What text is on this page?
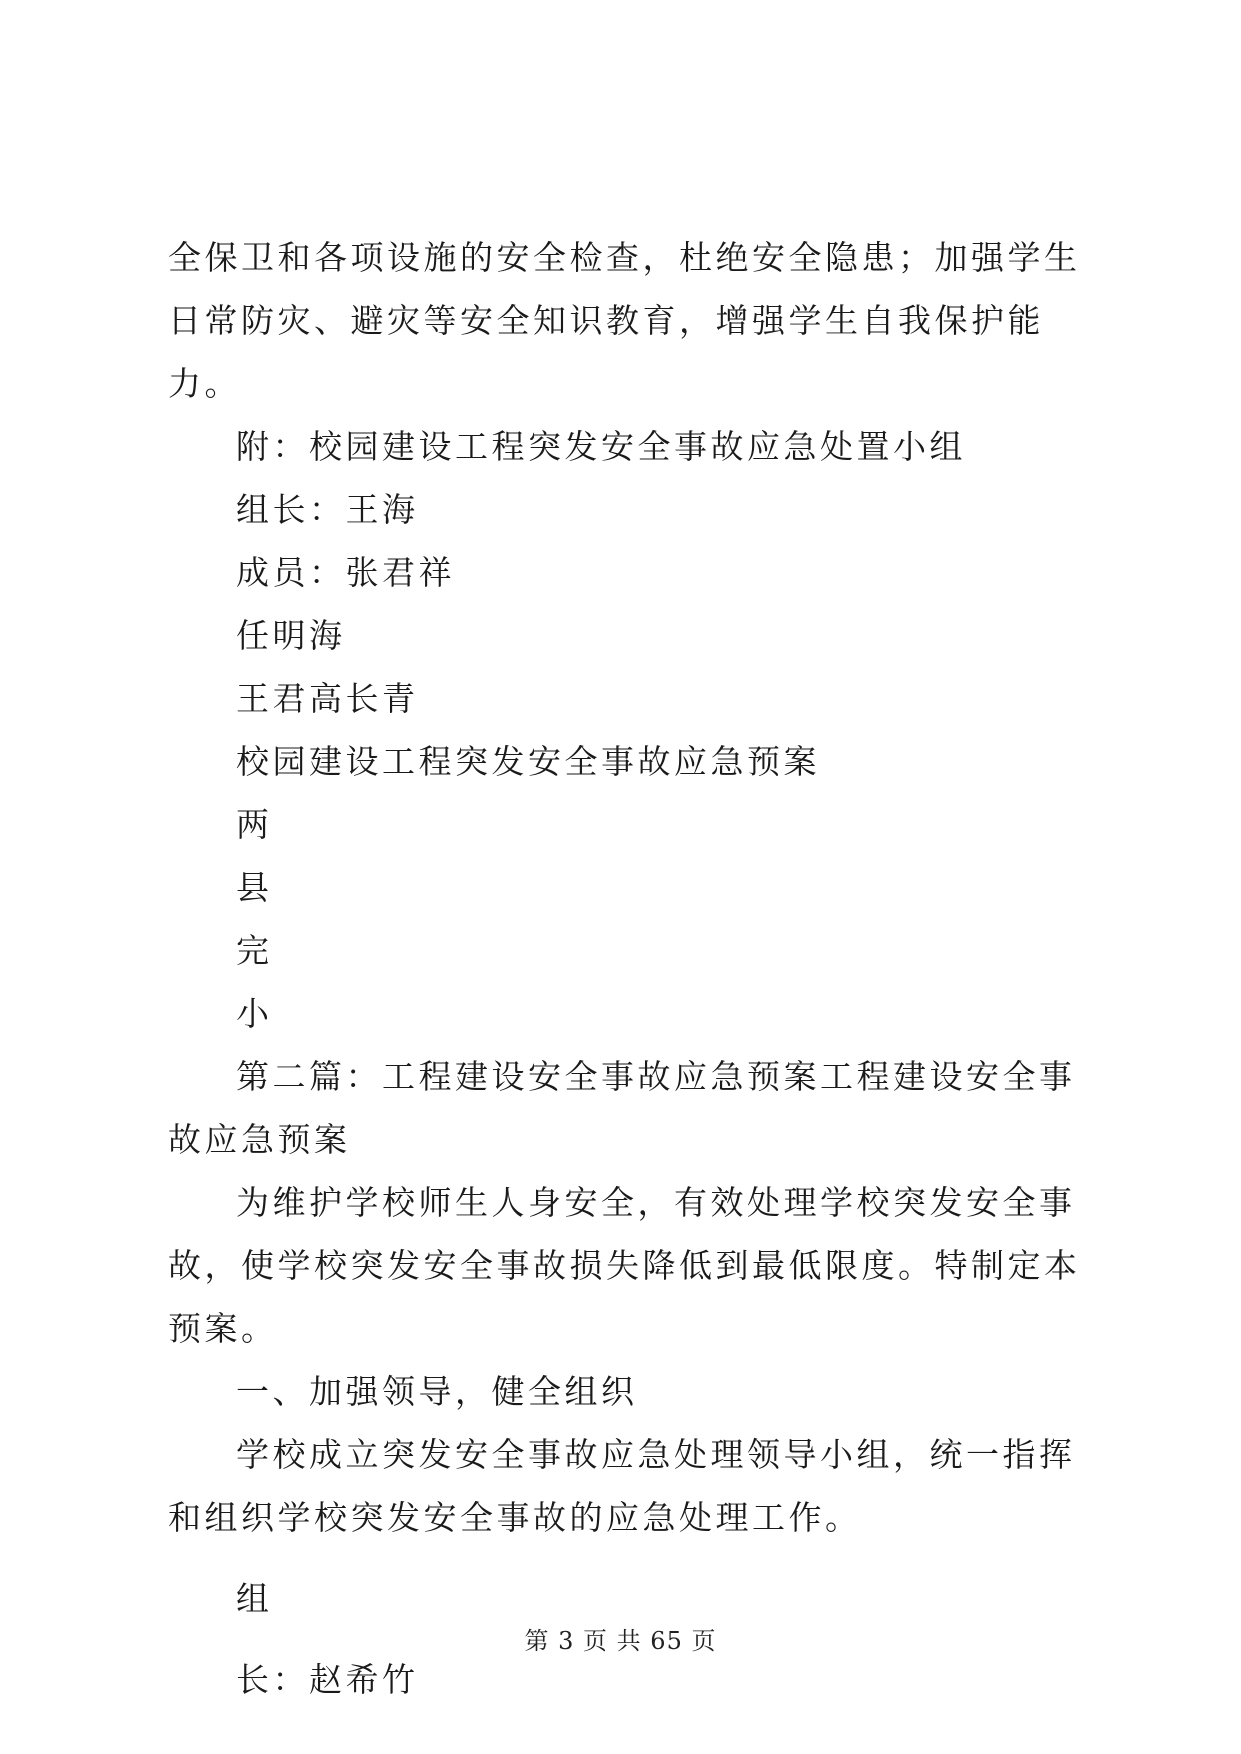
全保卫和各项设施的安全检查，杜绝安全隐患；加强学生日常防灾、避灾等安全知识教育，增强学生自我保护能力。

附：校园建设工程突发安全事故应急处置小组

组长：王海

成员：张君祥

任明海

王君高长青

校园建设工程突发安全事故应急预案

两

县

完

小

第二篇：工程建设安全事故应急预案工程建设安全事故应急预案

为维护学校师生人身安全，有效处理学校突发安全事故，使学校突发安全事故损失降低到最低限度。特制定本预案。

一、加强领导，健全组织

学校成立突发安全事故应急处理领导小组，统一指挥和组织学校突发安全事故的应急处理工作。

组

长：赵希竹

第 3 页 共 65 页
